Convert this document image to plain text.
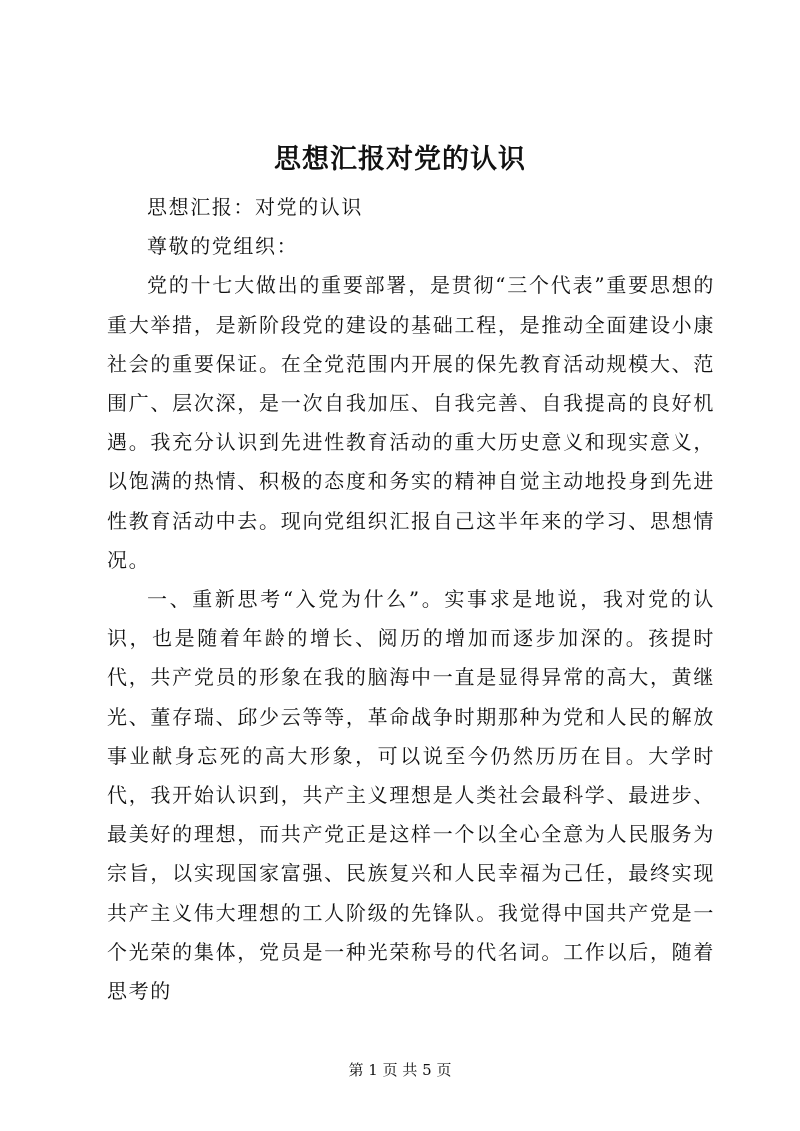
思想汇报对党的认识

思想汇报：对党的认识

尊敬的党组织：

党的十七大做出的重要部署，是贯彻“三个代表”重要思想的重大举措，是新阶段党的建设的基础工程，是推动全面建设小康社会的重要保证。在全党范围内开展的保先教育活动规模大、范围广、层次深，是一次自我加压、自我完善、自我提高的良好机遇。我充分认识到先进性教育活动的重大历史意义和现实意义，以饱满的热情、积极的态度和务实的精神自觉主动地投身到先进性教育活动中去。现向党组织汇报自己这半年来的学习、思想情况。

一、重新思考“入党为什么”。实事求是地说，我对党的认识，也是随着年龄的增长、阅历的增加而逐步加深的。孩提时代，共产党员的形象在我的脑海中一直是显得异常的高大，黄继光、董存瑞、邱少云等等，革命战争时期那种为党和人民的解放事业献身忘死的高大形象，可以说至今仍然历历在目。大学时代，我开始认识到，共产主义理想是人类社会最科学、最进步、最美好的理想，而共产党正是这样一个以全心全意为人民服务为宗旨，以实现国家富强、民族复兴和人民幸福为己任，最终实现共产主义伟大理想的工人阶级的先锋队。我觉得中国共产党是一个光荣的集体，党员是一种光荣称号的代名词。工作以后，随着思考的

第 1 页 共 5 页
